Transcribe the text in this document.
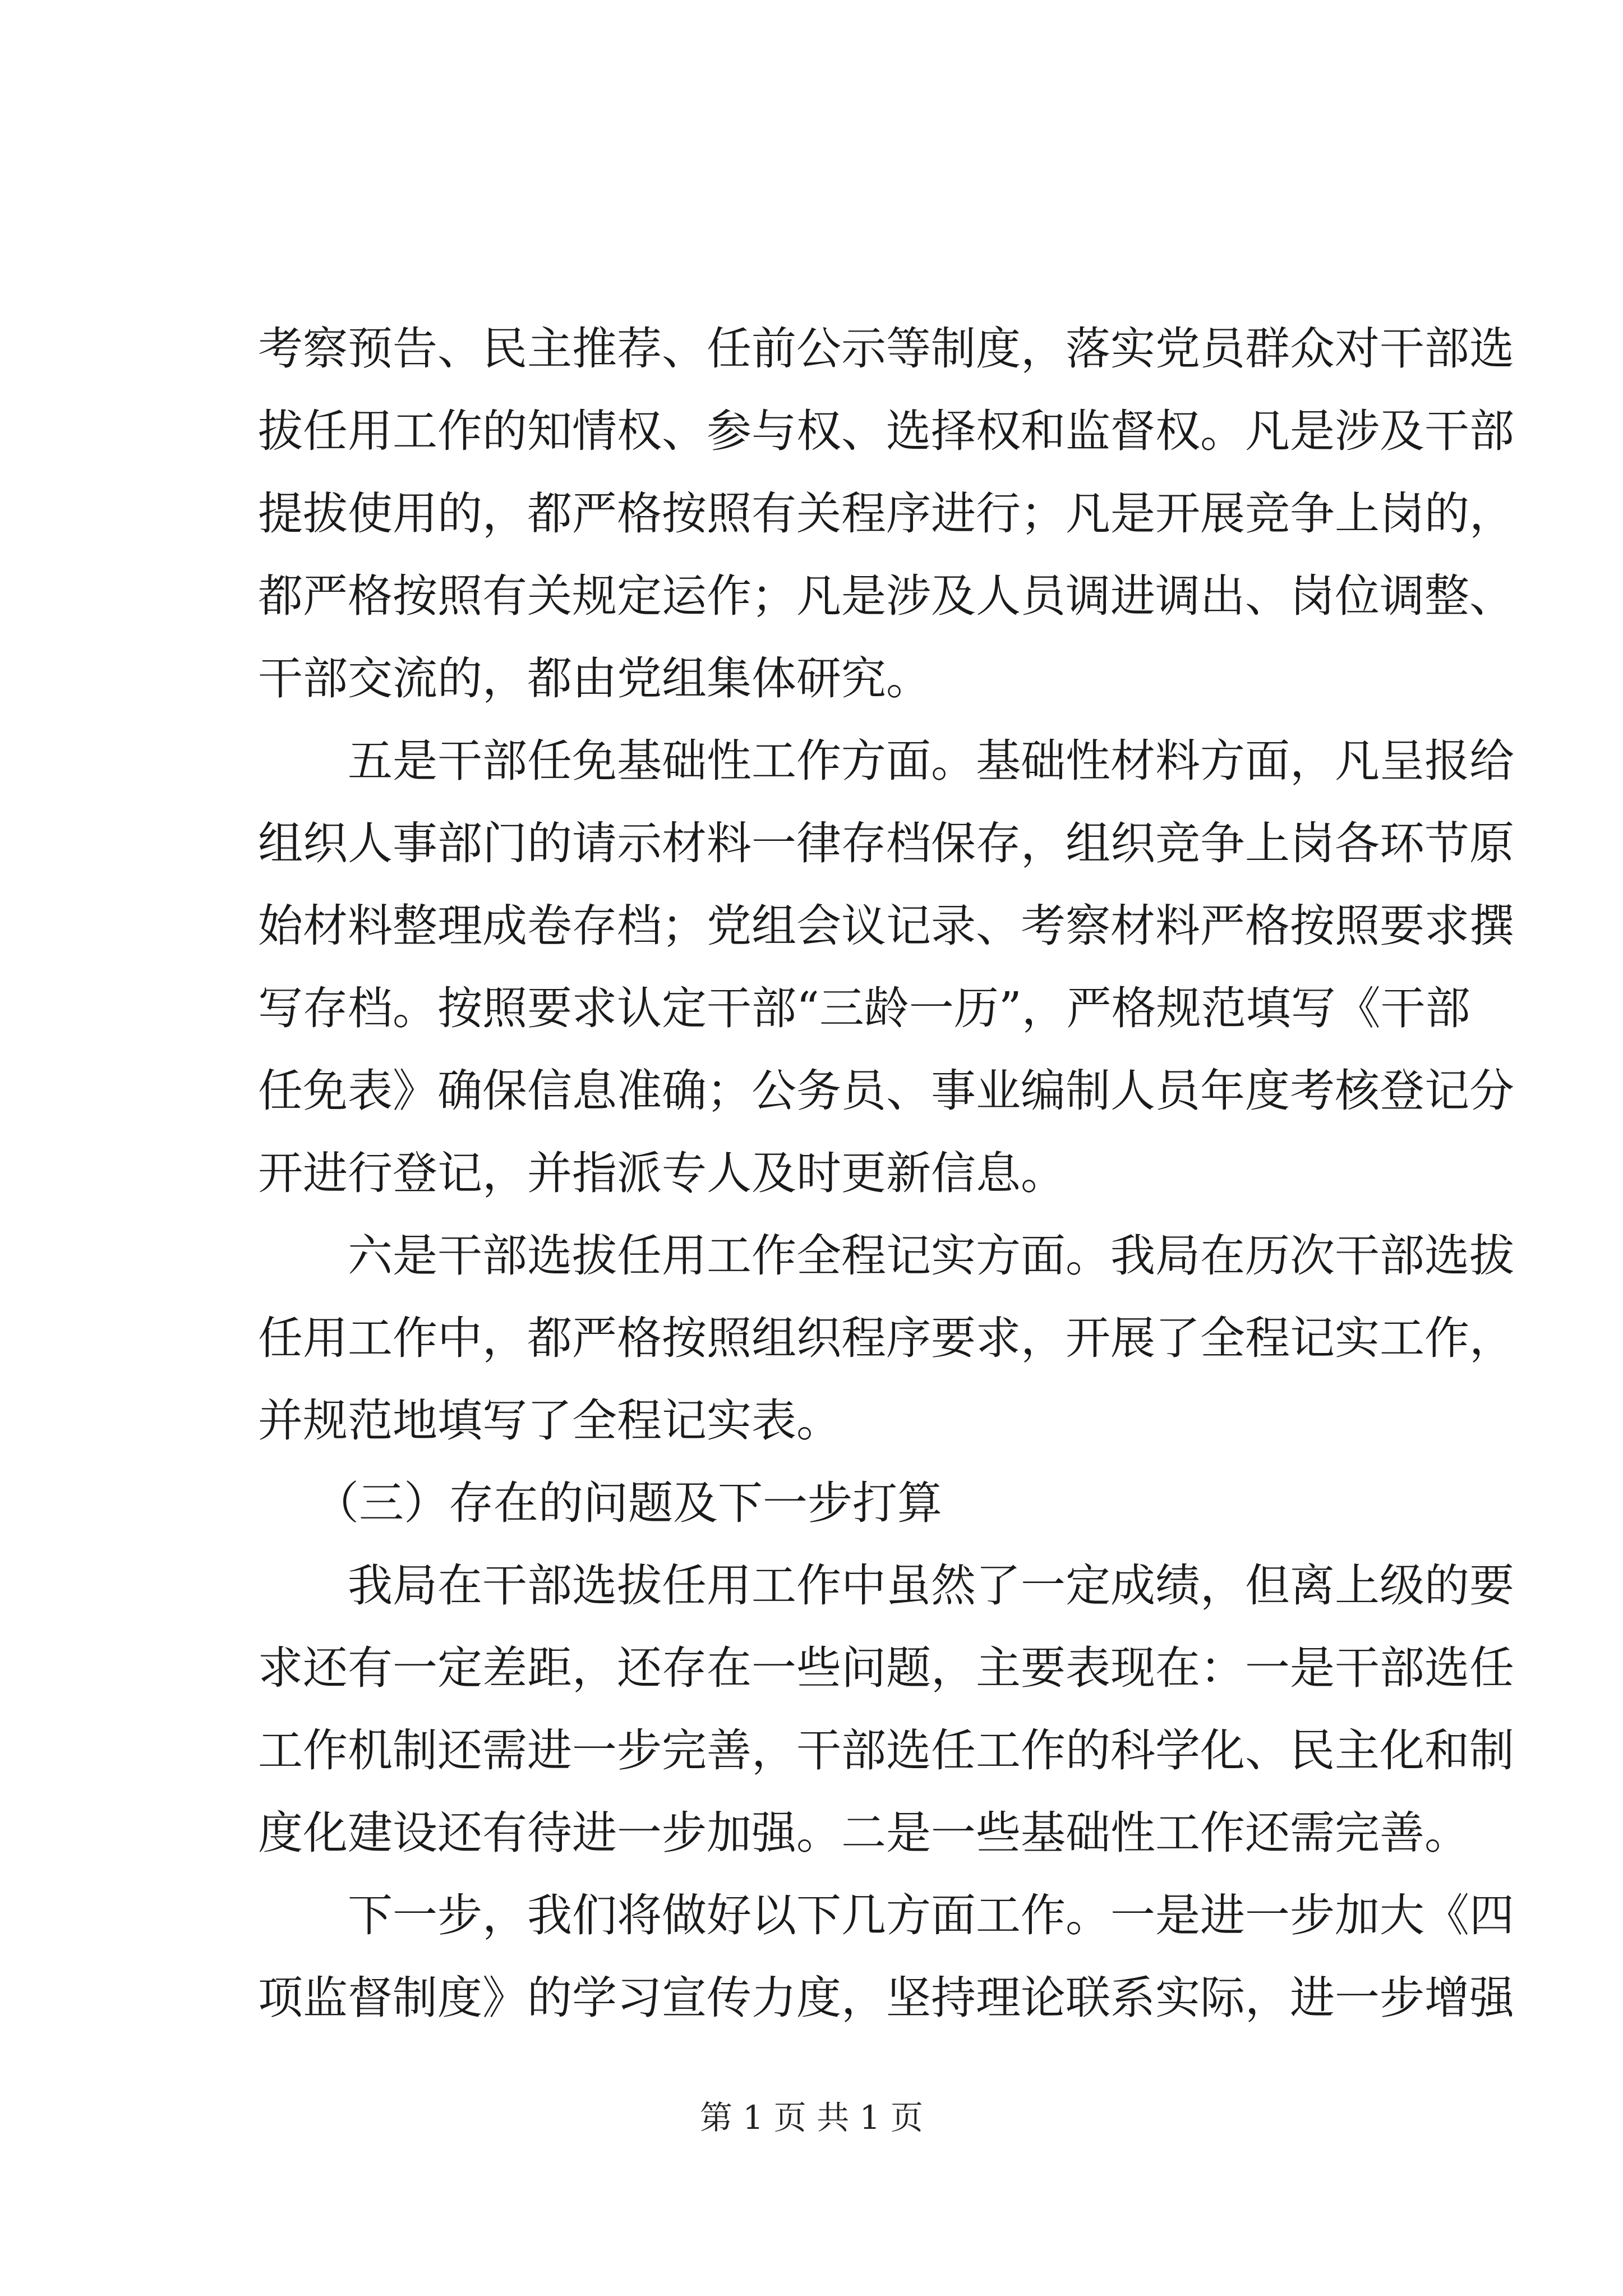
考察预告、民主推荐、任前公示等制度，落实党员群众对干部选
拔任用工作的知情权、参与权、选择权和监督权。凡是涉及干部
提拔使用的，都严格按照有关程序进行；凡是开展竞争上岗的，
都严格按照有关规定运作；凡是涉及人员调进调出、岗位调整、
干部交流的，都由党组集体研究。
五是干部任免基础性工作方面。基础性材料方面，凡呈报给
组织人事部门的请示材料一律存档保存，组织竞争上岗各环节原
始材料整理成卷存档；党组会议记录、考察材料严格按照要求撰
写存档。按照要求认定干部“三龄一历”，严格规范填写《干部
任免表》确保信息准确；公务员、事业编制人员年度考核登记分
开进行登记，并指派专人及时更新信息。
六是干部选拔任用工作全程记实方面。我局在历次干部选拔
任用工作中，都严格按照组织程序要求，开展了全程记实工作，
并规范地填写了全程记实表。
（三）存在的问题及下一步打算
我局在干部选拔任用工作中虽然了一定成绩，但离上级的要
求还有一定差距，还存在一些问题，主要表现在：一是干部选任
工作机制还需进一步完善，干部选任工作的科学化、民主化和制
度化建设还有待进一步加强。二是一些基础性工作还需完善。
下一步，我们将做好以下几方面工作。一是进一步加大《四
项监督制度》的学习宣传力度，坚持理论联系实际，进一步增强
第 1 页 共 1 页
